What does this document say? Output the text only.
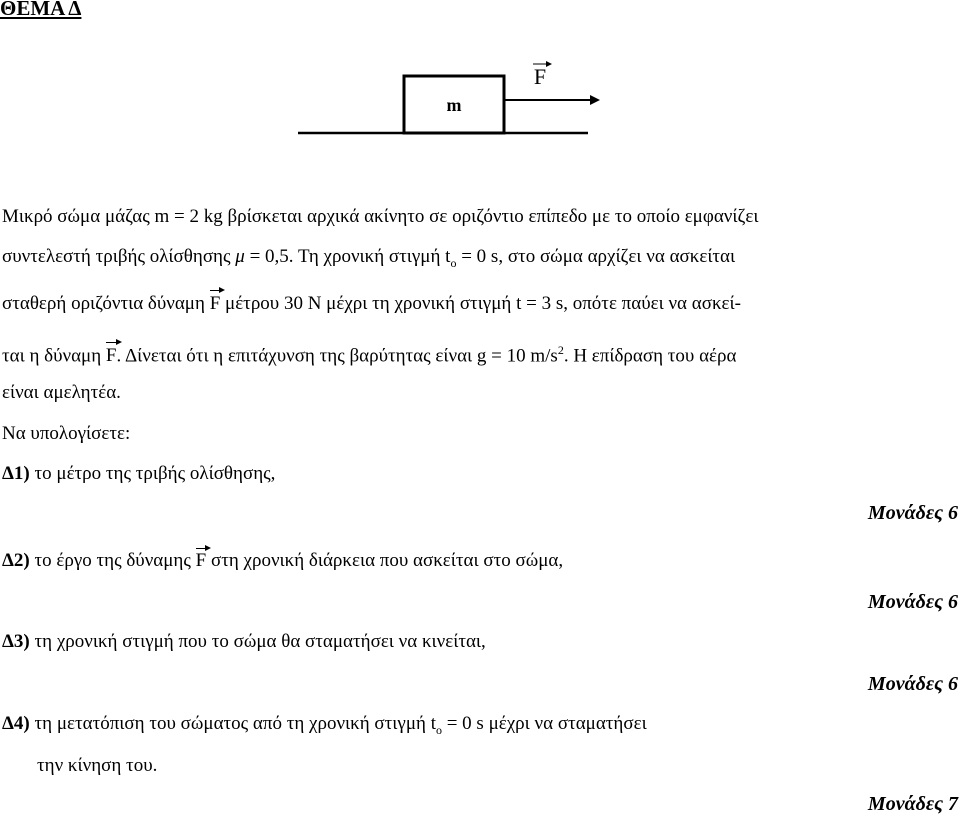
ΘΕΜΑ Δ
m
F
Μικρό σώμα μάζας m = 2 kg βρίσκεται αρχικά ακίνητο σε οριζόντιο επίπεδο με το οποίο εμφανίζει
συντελεστή τριβής ολίσθησης μ = 0,5. Τη χρονική στιγμή $t_o = 0$ s, στο σώμα αρχίζει να ασκείται
σταθερή οριζόντια δύναμη F μέτρου 30 N μέχρι τη χρονική στιγμή t = 3 s, οπότε παύει να ασκεί-
ται η δύναμη F. Δίνεται ότι η επιτάχυνση της βαρύτητας είναι g = 10 $m/s^2$. Η επίδραση του αέρα
είναι αμελητέα.
Να υπολογίσετε:
Δ1) το μέτρο της τριβής ολίσθησης,
Μονάδες 6
Δ2) το έργο της δύναμης F στη χρονική διάρκεια που ασκείται στο σώμα,
Μονάδες 6
Δ3) τη χρονική στιγμή που το σώμα θα σταματήσει να κινείται,
Μονάδες 6
Δ4) τη μετατόπιση του σώματος από τη χρονική στιγμή $t_o = 0$ s μέχρι να σταματήσει
την κίνηση του.
Μονάδες 7
